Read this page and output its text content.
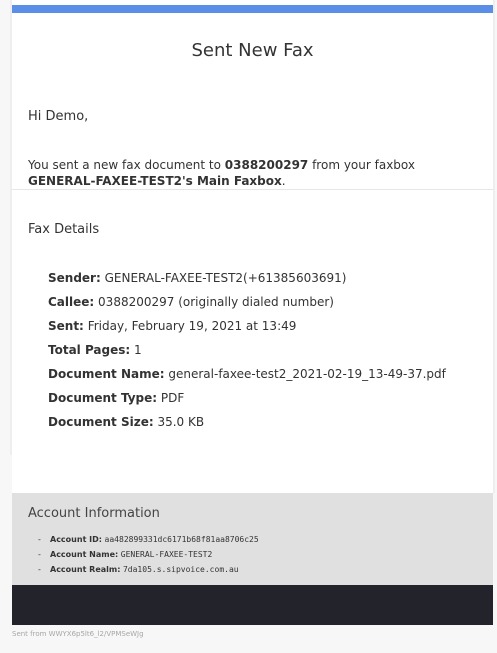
Sent New Fax
Hi Demo,
You sent a new fax document to 0388200297 from your faxbox GENERAL-FAXEE-TEST2's Main Faxbox.
Fax Details
Sender: GENERAL-FAXEE-TEST2(+61385603691)
Callee: 0388200297 (originally dialed number)
Sent: Friday, February 19, 2021 at 13:49
Total Pages: 1
Document Name: general-faxee-test2_2021-02-19_13-49-37.pdf
Document Type: PDF
Document Size: 35.0 KB
Account Information
- Account ID: aa482899331dc6171b68f81aa8706c25
- Account Name: GENERAL-FAXEE-TEST2
- Account Realm: 7da105.s.sipvoice.com.au
Sent from WWYX6p5lt6_l2/VPMSeWJg
